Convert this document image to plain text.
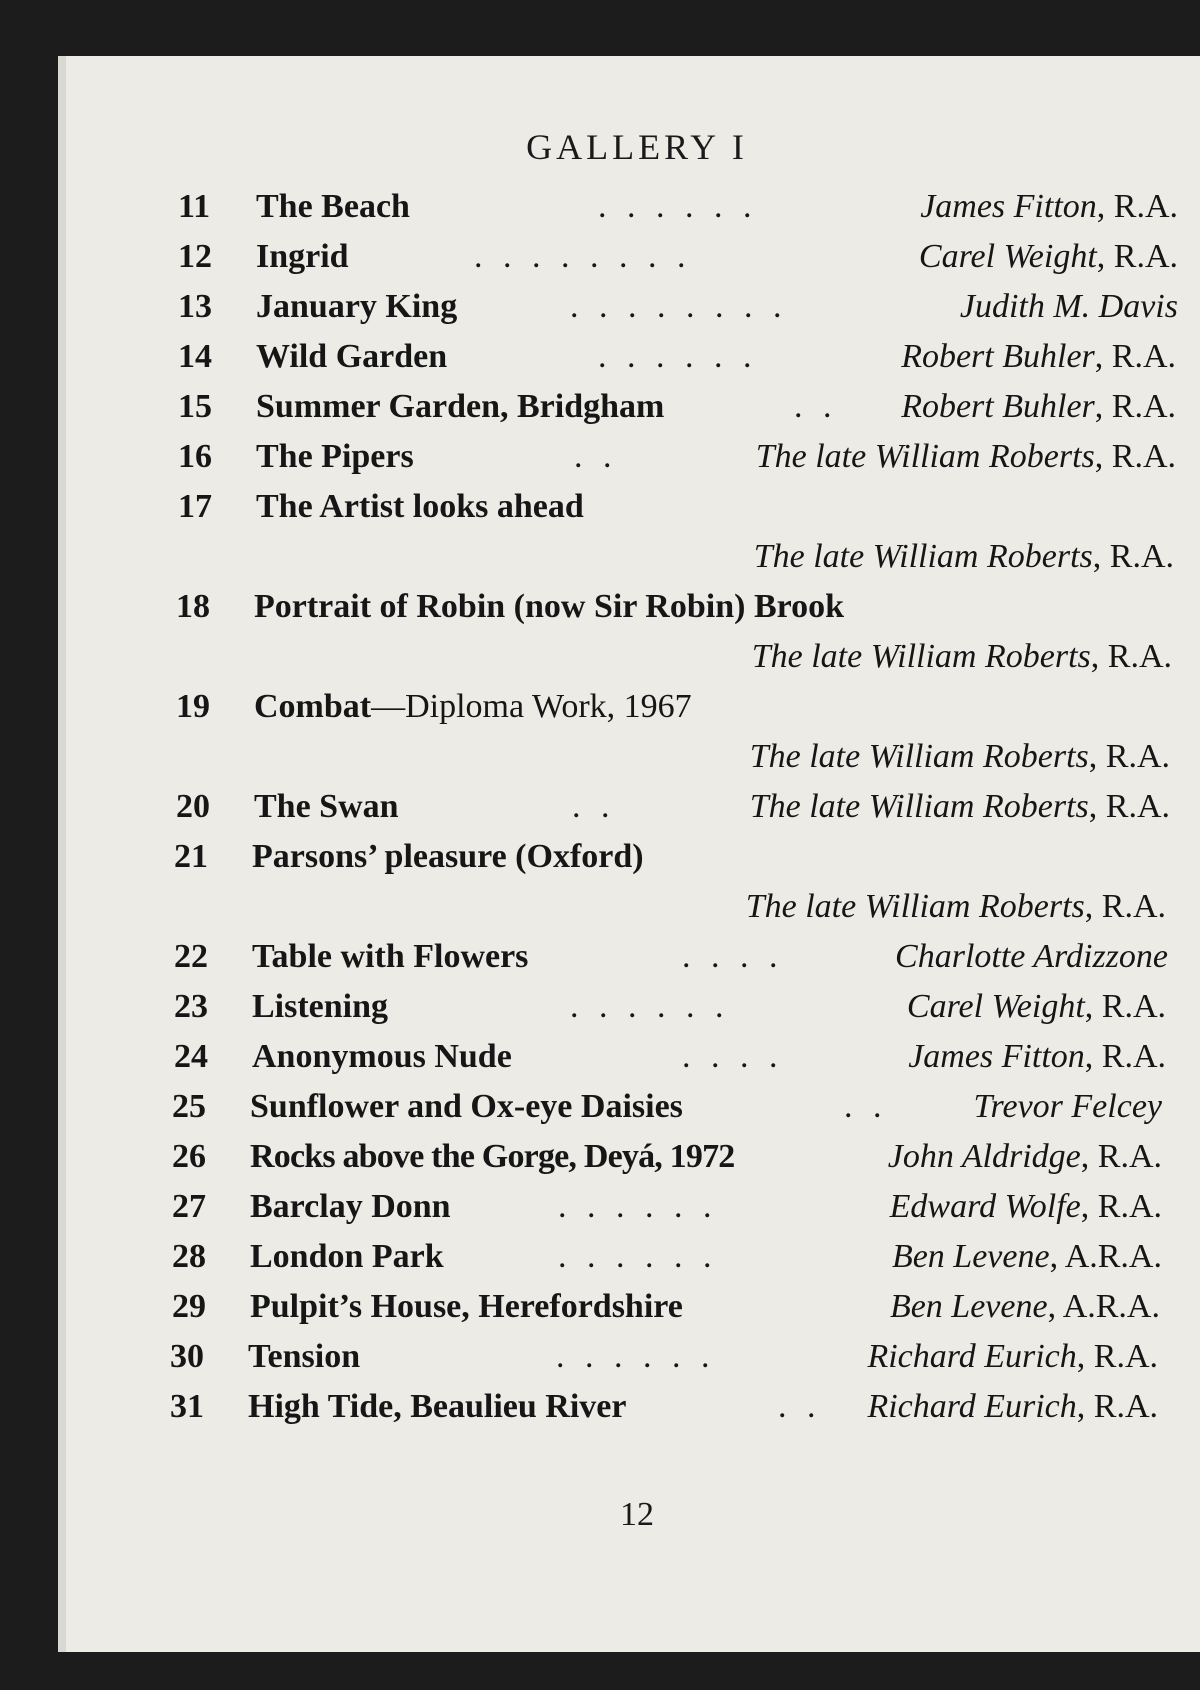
GALLERY I
11	The Beach	. . . . . .	James Fitton, R.A.
12	Ingrid	. . . . . . . .	Carel Weight, R.A.
13	January King	. . . . . . . .	Judith M. Davis
14	Wild Garden	. . . . . .	Robert Buhler, R.A.
15	Summer Garden, Bridgham	. . Robert Buhler, R.A.
16	The Pipers	. .	The late William Roberts, R.A.
17	The Artist looks ahead
The late William Roberts, R.A.
18	Portrait of Robin (now Sir Robin) Brook
The late William Roberts, R.A.
19	Combat—Diploma Work, 1967
The late William Roberts, R.A.
20	The Swan	. .	The late William Roberts, R.A.
21	Parsons’ pleasure (Oxford)
The late William Roberts, R.A.
22	Table with Flowers	. . . .	Charlotte Ardizzone
23	Listening	. . . . . .	Carel Weight, R.A.
24	Anonymous Nude	. . . .	James Fitton, R.A.
25	Sunflower and Ox-eye Daisies	. .	Trevor Felcey
26	Rocks above the Gorge, Deyá, 1972	John Aldridge, R.A.
27	Barclay Donn	. . . . . .	Edward Wolfe, R.A.
28	London Park	. . . . . .	Ben Levene, A.R.A.
29	Pulpit’s House, Herefordshire	Ben Levene, A.R.A.
30	Tension	. . . . . .	Richard Eurich, R.A.
31	High Tide, Beaulieu River	. . Richard Eurich, R.A.
12
